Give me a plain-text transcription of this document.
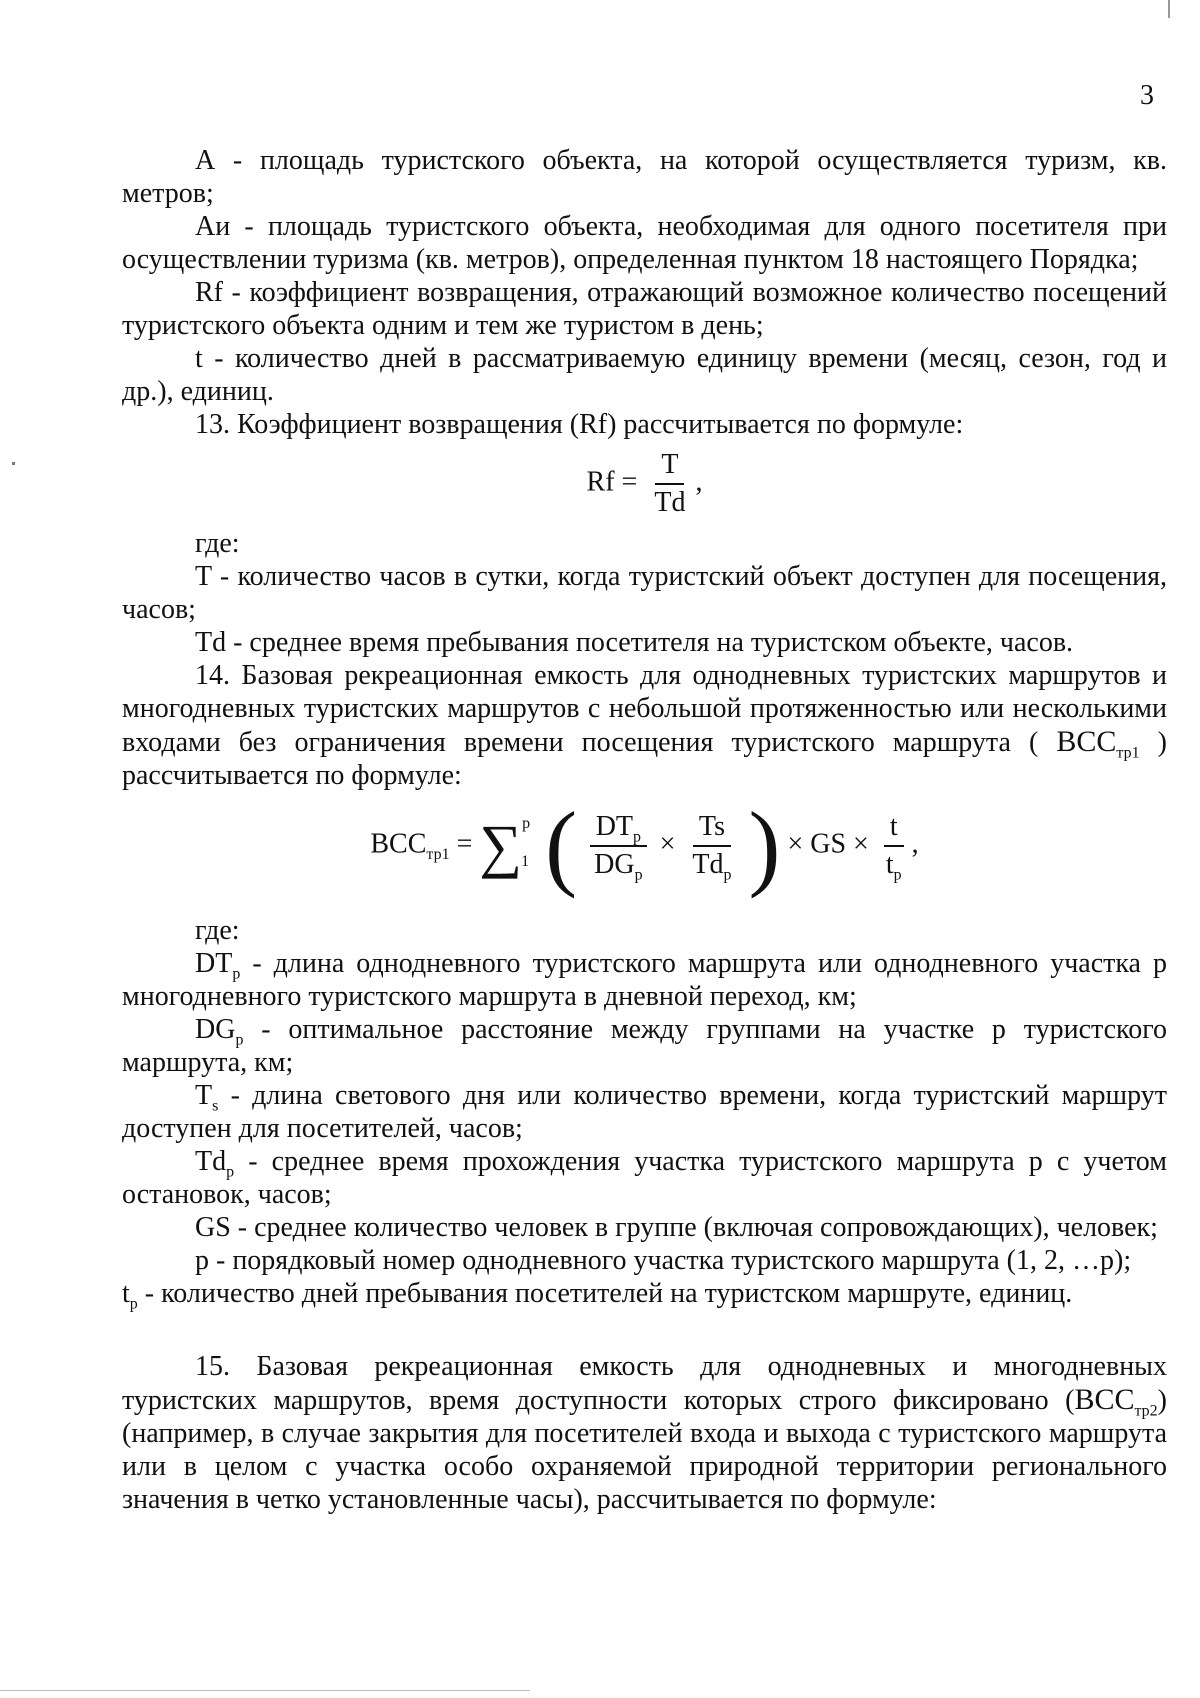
3

А - площадь туристского объекта, на которой осуществляется туризм, кв. метров;

Аи - площадь туристского объекта, необходимая для одного посетителя при осуществлении туризма (кв. метров), определенная пунктом 18 настоящего Порядка;

Rf - коэффициент возвращения, отражающий возможное количество посещений туристского объекта одним и тем же туристом в день;

t - количество дней в рассматриваемую единицу времени (месяц, сезон, год и др.), единиц.

13. Коэффициент возвращения (Rf) рассчитывается по формуле:

$Rf = \frac{T}{Td}$ ,

где:

T - количество часов в сутки, когда туристский объект доступен для посещения, часов;

Td - среднее время пребывания посетителя на туристском объекте, часов.

14. Базовая рекреационная емкость для однодневных туристских маршрутов и многодневных туристских маршрутов с небольшой протяженностью или несколькими входами без ограничения времени посещения туристского маршрута ( $BCC_{тр1}$ ) рассчитывается по формуле:

$BCC_{тр1} = \sum^p_1$ ( $\frac{DT_p}{DG_p} \times \frac{Ts}{Td_p}$ ) × GS × $\frac{t}{t_p}$ ,

где:

$DT_p$ - длина однодневного туристского маршрута или однодневного участка p многодневного туристского маршрута в дневной переход, км;

$DG_p$ - оптимальное расстояние между группами на участке p туристского маршрута, км;

$T_s$ - длина светового дня или количество времени, когда туристский маршрут доступен для посетителей, часов;

$Td_p$ - среднее время прохождения участка туристского маршрута p с учетом остановок, часов;

GS - среднее количество человек в группе (включая сопровождающих), человек;

p - порядковый номер однодневного участка туристского маршрута (1, 2, …p);

$t_p$ - количество дней пребывания посетителей на туристском маршруте, единиц.

15. Базовая рекреационная емкость для однодневных и многодневных туристских маршрутов, время доступности которых строго фиксировано $(BCC_{тр2})$ (например, в случае закрытия для посетителей входа и выхода с туристского маршрута или в целом с участка особо охраняемой природной территории регионального значения в четко установленные часы), рассчитывается по формуле:
